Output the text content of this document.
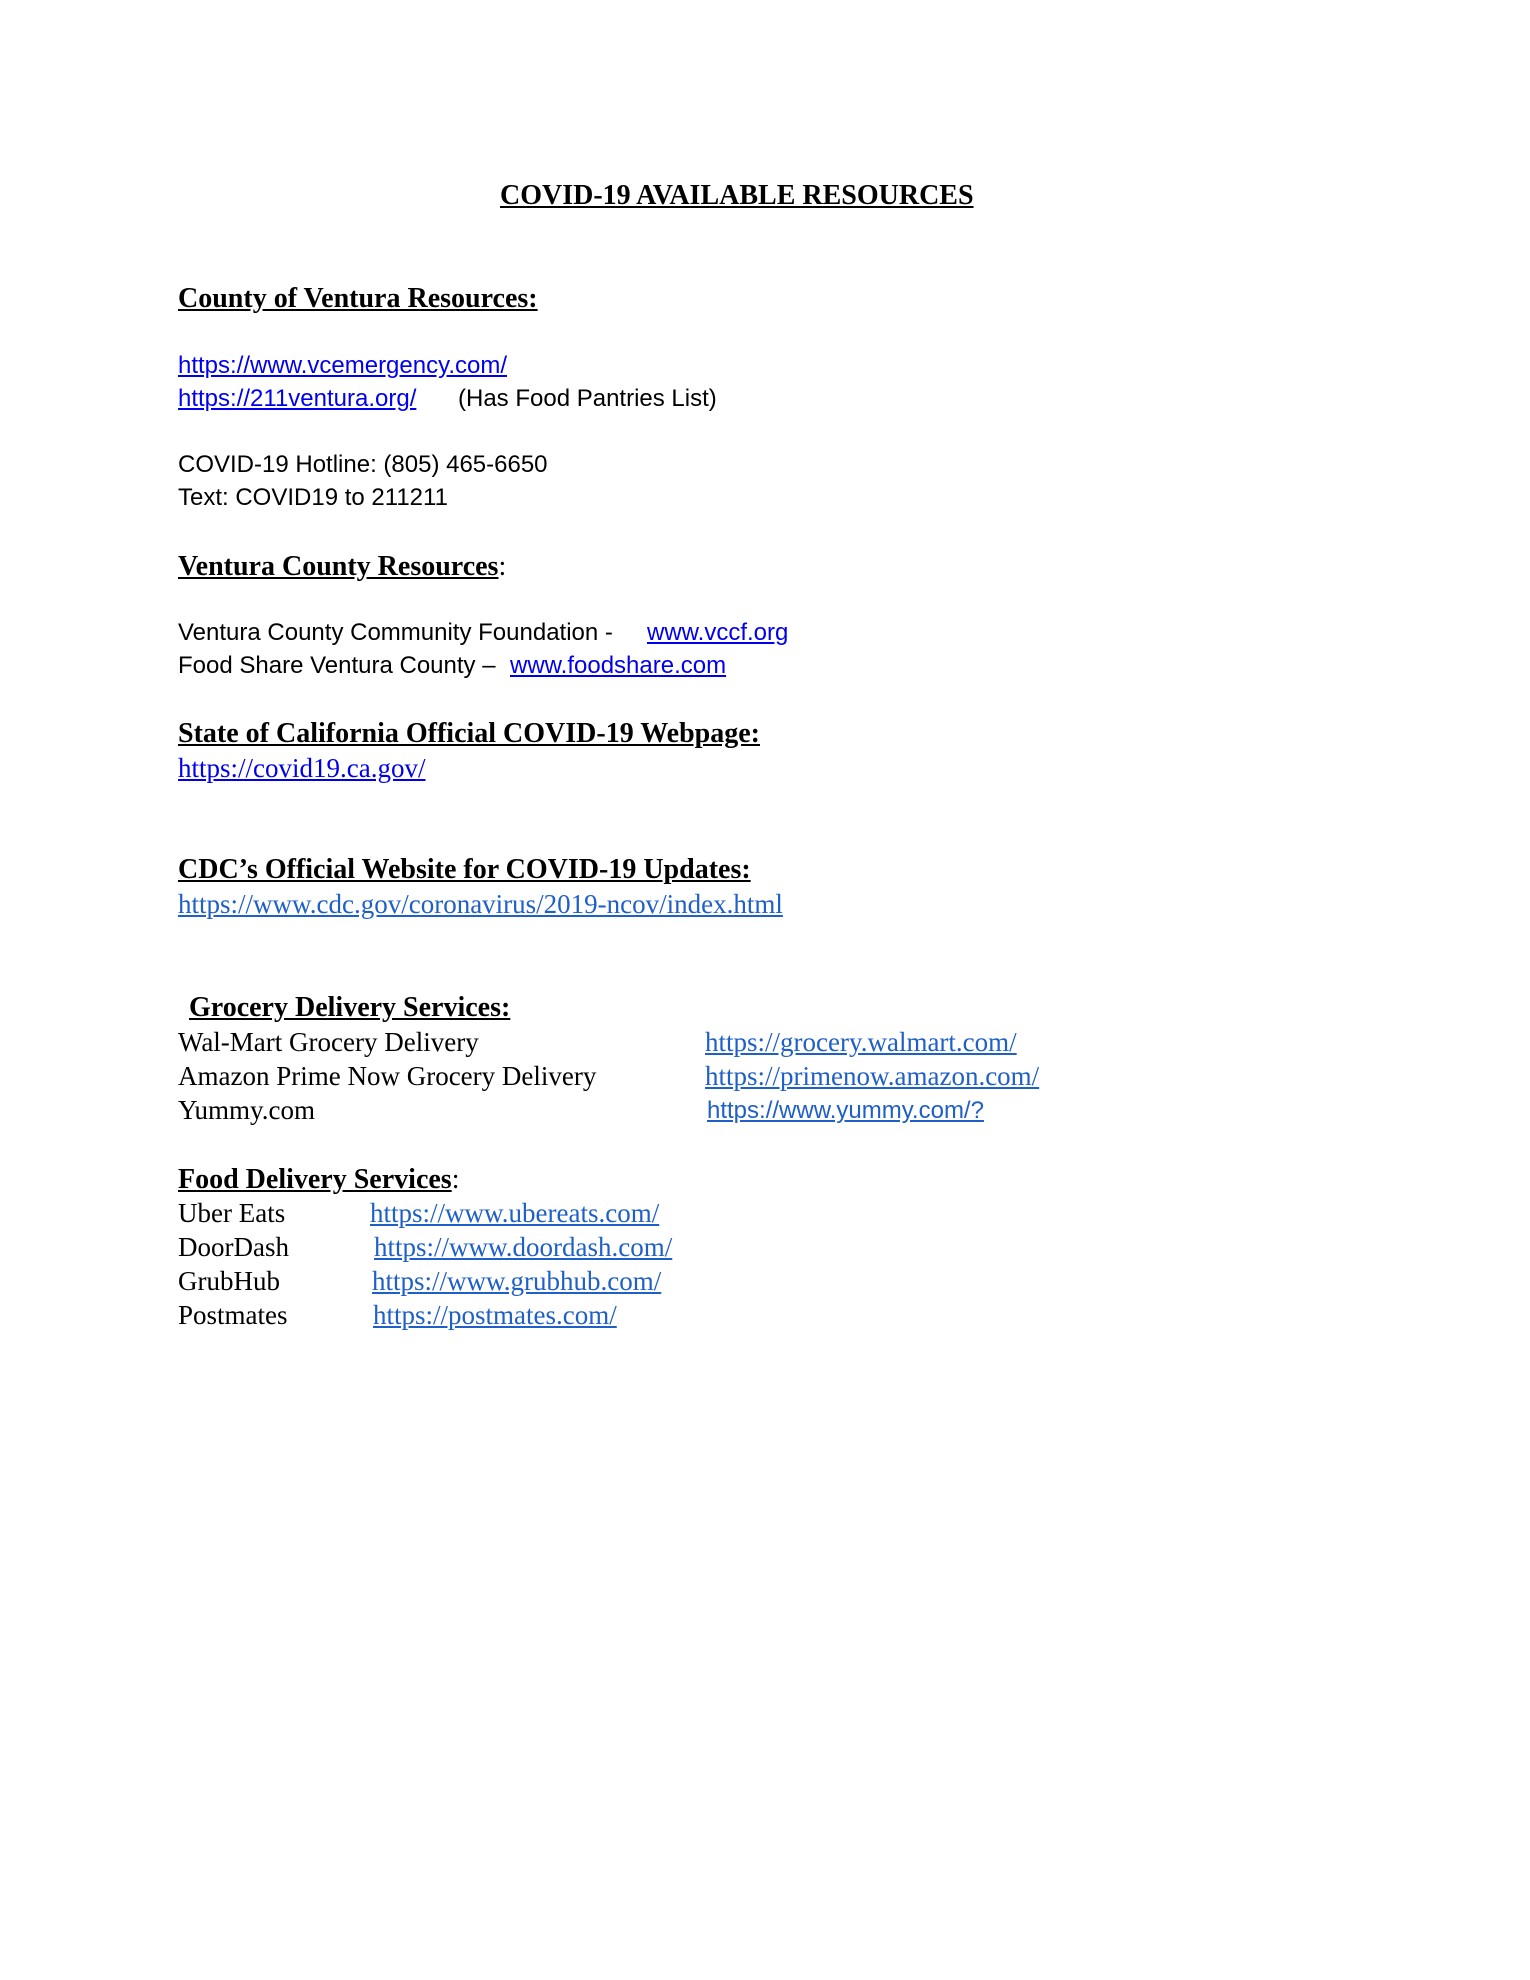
COVID-19 AVAILABLE RESOURCES
County of Ventura Resources:
https://www.vcemergency.com/
https://211ventura.org/ (Has Food Pantries List)
COVID-19 Hotline: (805) 465-6650
Text: COVID19 to 211211
Ventura County Resources:
Ventura County Community Foundation - www.vccf.org
Food Share Ventura County – www.foodshare.com
State of California Official COVID-19 Webpage:
https://covid19.ca.gov/
CDC’s Official Website for COVID-19 Updates:
https://www.cdc.gov/coronavirus/2019-ncov/index.html
Grocery Delivery Services:
Wal-Mart Grocery Delivery	https://grocery.walmart.com/
Amazon Prime Now Grocery Delivery	https://primenow.amazon.com/
Yummy.com	https://www.yummy.com/?
Food Delivery Services:
Uber Eats	https://www.ubereats.com/
DoorDash	https://www.doordash.com/
GrubHub	https://www.grubhub.com/
Postmates	https://postmates.com/
